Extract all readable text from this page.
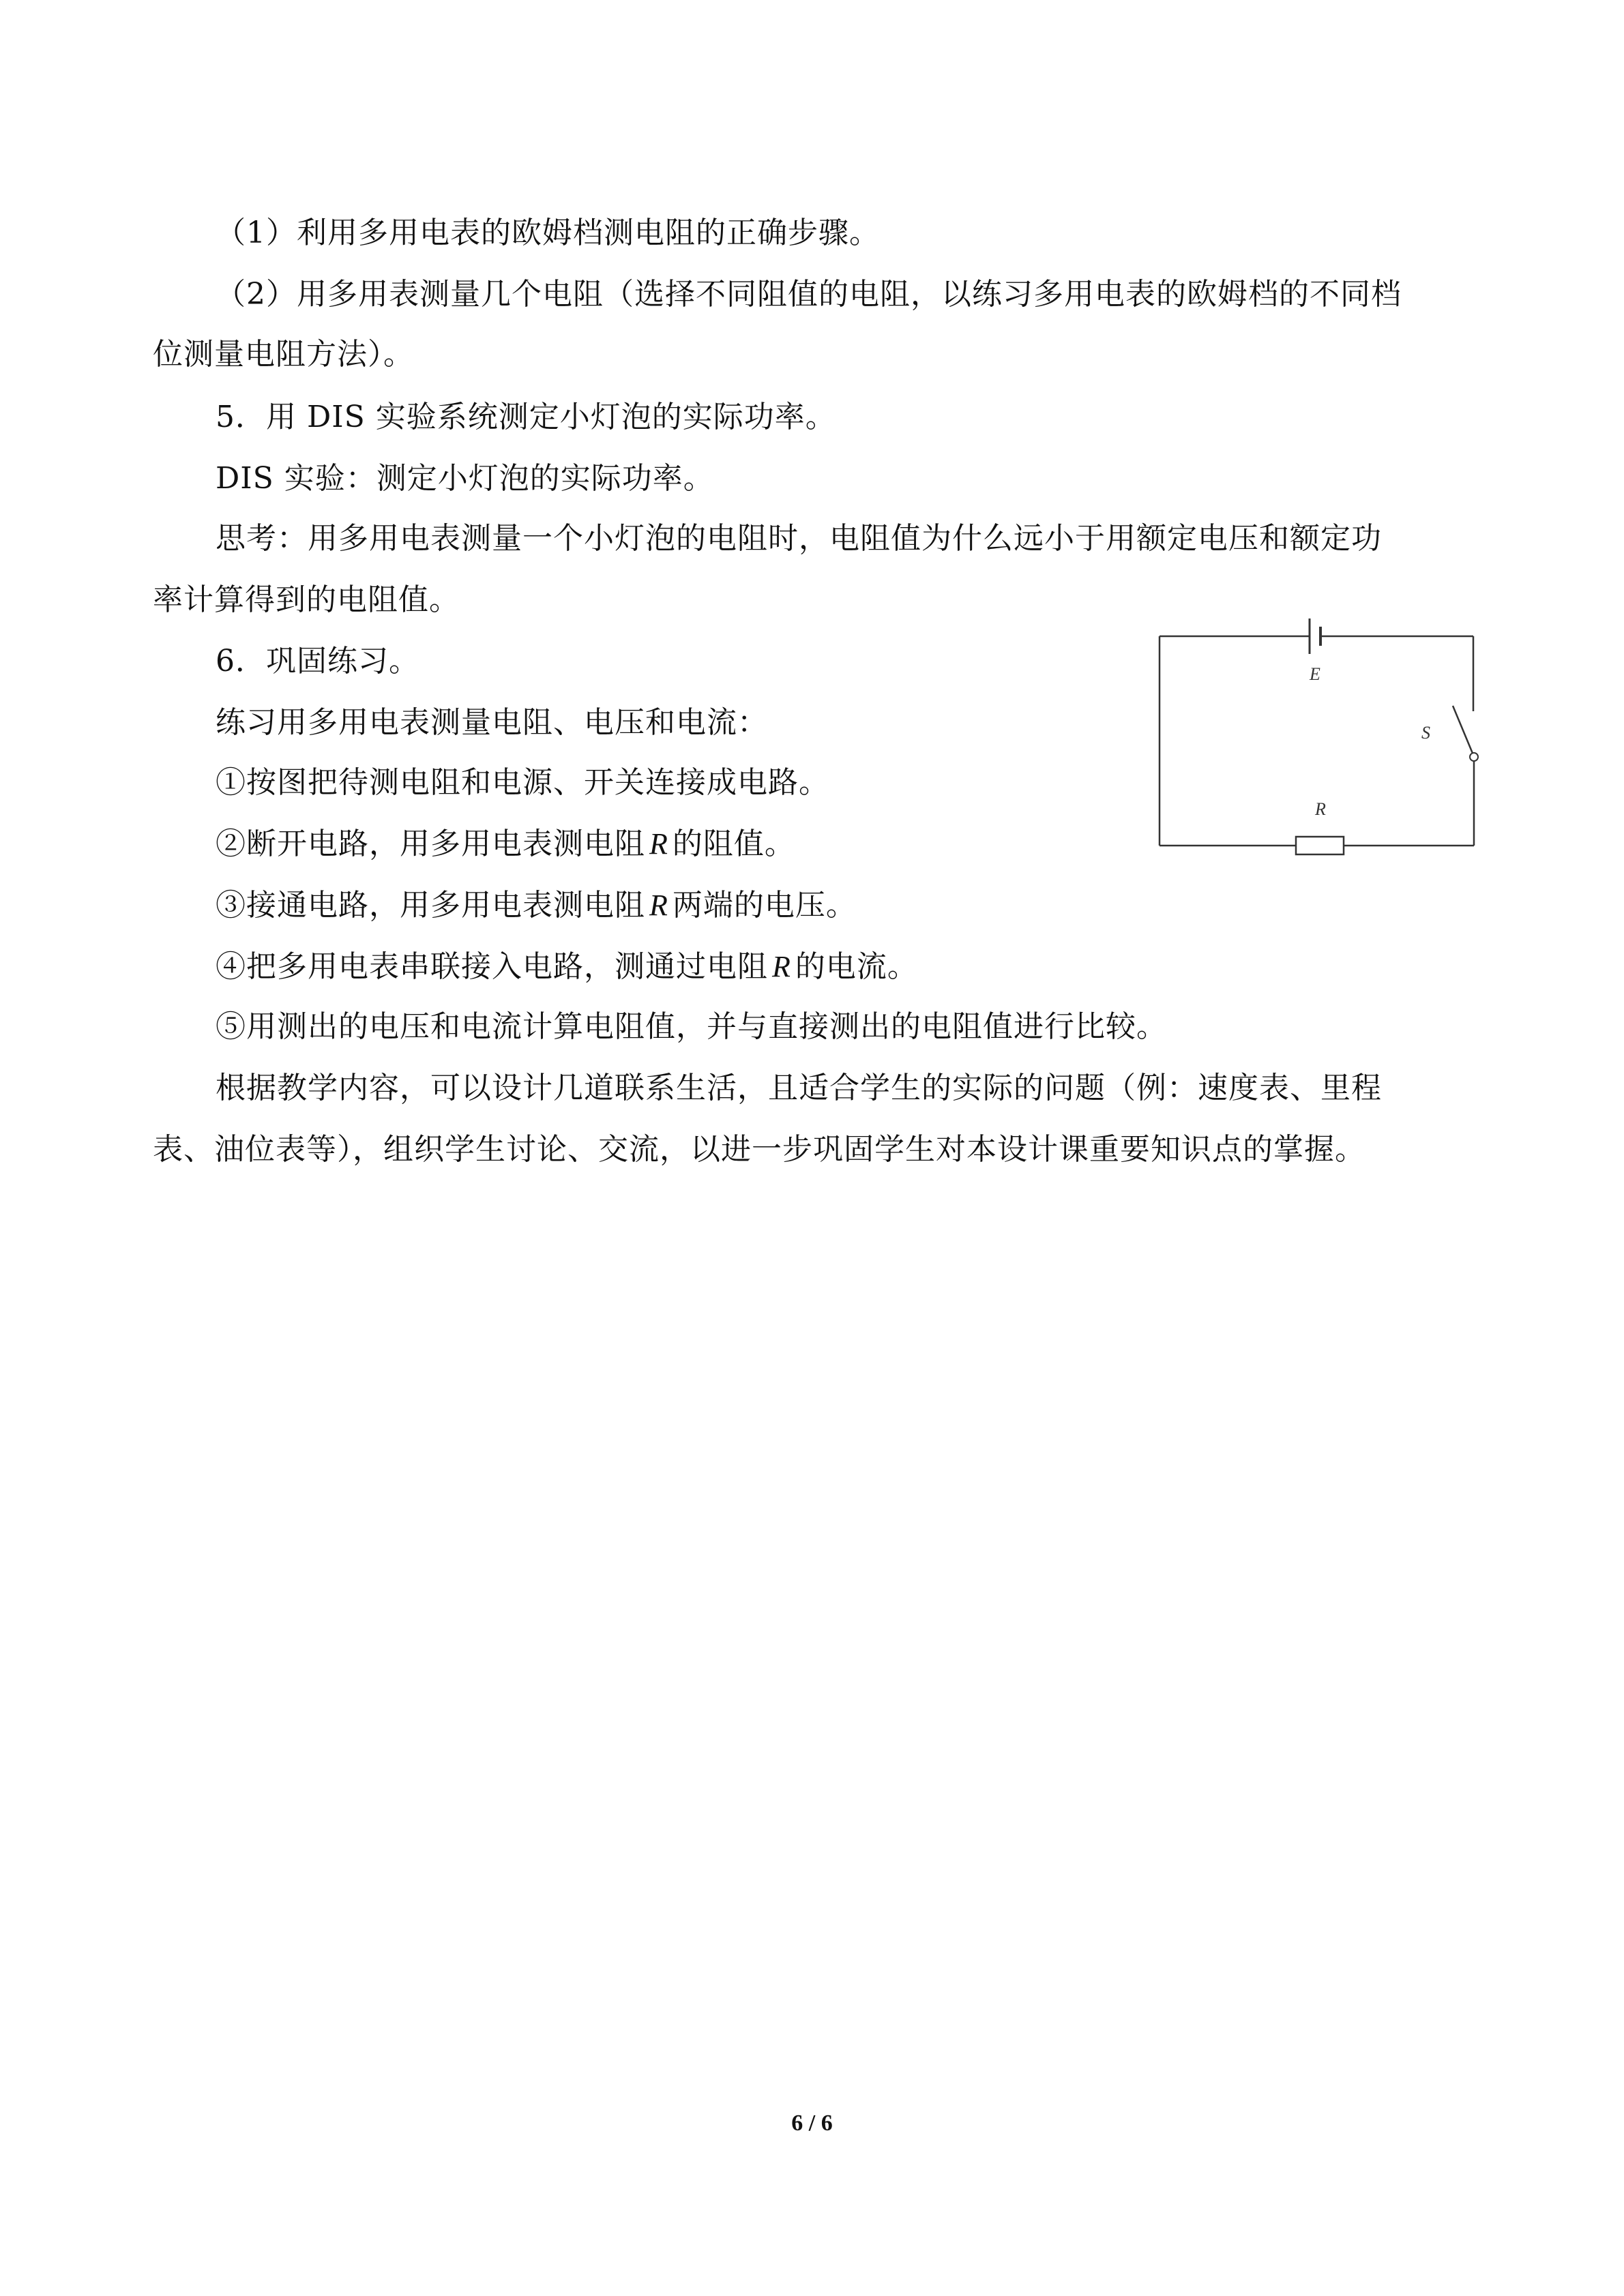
（1）利用多用电表的欧姆档测电阻的正确步骤。
（2）用多用表测量几个电阻（选择不同阻值的电阻，以练习多用电表的欧姆档的不同档
位测量电阻方法）。
5．用 DIS 实验系统测定小灯泡的实际功率。
DIS 实验：测定小灯泡的实际功率。
思考：用多用电表测量一个小灯泡的电阻时，电阻值为什么远小于用额定电压和额定功
率计算得到的电阻值。
6．巩固练习。
练习用多用电表测量电阻、电压和电流：
①按图把待测电阻和电源、开关连接成电路。
②断开电路，用多用电表测电阻 R 的阻值。
③接通电路，用多用电表测电阻 R 两端的电压。
④把多用电表串联接入电路，测通过电阻 R 的电流。
⑤用测出的电压和电流计算电阻值，并与直接测出的电阻值进行比较。
根据教学内容，可以设计几道联系生活，且适合学生的实际的问题（例：速度表、里程
表、油位表等），组织学生讨论、交流，以进一步巩固学生对本设计课重要知识点的掌握。
E
S
R
6 / 6
